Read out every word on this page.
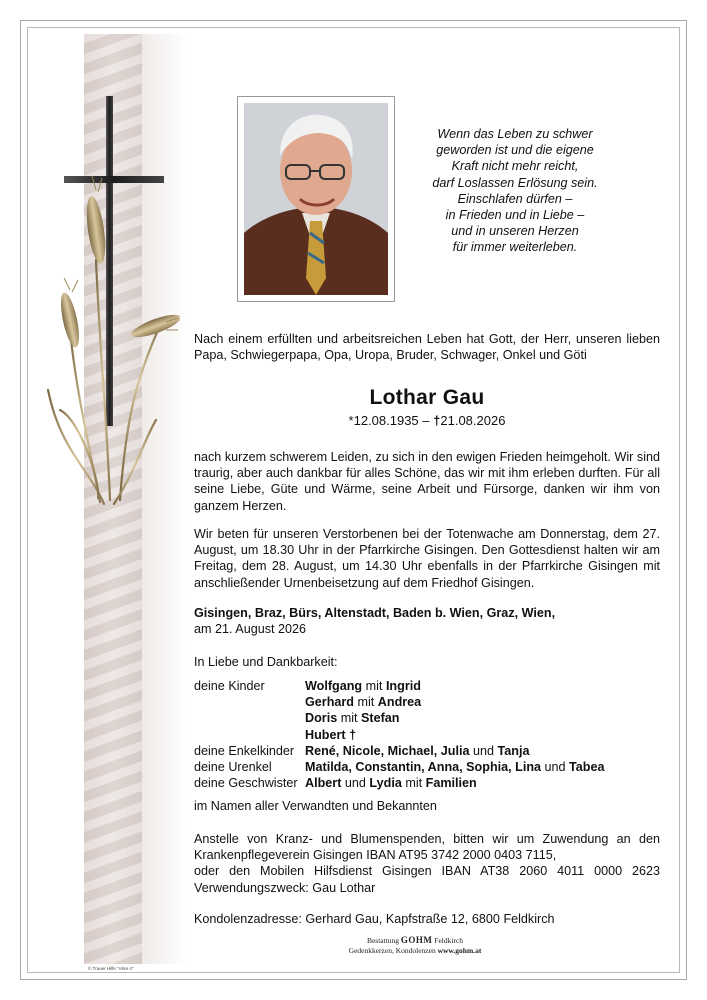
Wenn das Leben zu schwer
geworden ist und die eigene
Kraft nicht mehr reicht,
darf Loslassen Erlösung sein.
Einschlafen dürfen –
in Frieden und in Liebe –
und in unseren Herzen
für immer weiterleben.
Nach einem erfüllten und arbeitsreichen Leben hat Gott, der Herr, unseren lieben Papa, Schwiegerpapa, Opa, Uropa, Bruder, Schwager, Onkel und Göti
Lothar Gau
*12.08.1935 – †21.08.2026
nach kurzem schwerem Leiden, zu sich in den ewigen Frieden heimgeholt. Wir sind traurig, aber auch dankbar für alles Schöne, das wir mit ihm erleben durften. Für all seine Liebe, Güte und Wärme, seine Arbeit und Fürsorge, danken wir ihm von ganzem Herzen.
Wir beten für unseren Verstorbenen bei der Totenwache am Donnerstag, dem 27. August, um 18.30 Uhr in der Pfarrkirche Gisingen. Den Gottesdienst halten wir am Freitag, dem 28. August, um 14.30 Uhr ebenfalls in der Pfarrkirche Gisingen mit anschließender Urnenbeisetzung auf dem Friedhof Gisingen.
Gisingen, Braz, Bürs, Altenstadt, Baden b. Wien, Graz, Wien,
am 21. August 2026
In Liebe und Dankbarkeit:
deine Kinder	Wolfgang mit Ingrid
Gerhard mit Andrea
Doris mit Stefan
Hubert †
deine Enkelkinder René, Nicole, Michael, Julia und Tanja
deine Urenkel	Matilda, Constantin, Anna, Sophia, Lina und Tabea
deine Geschwister Albert und Lydia mit Familien
im Namen aller Verwandten und Bekannten
Anstelle von Kranz- und Blumenspenden, bitten wir um Zuwendung an den
Krankenpflegeverein Gisingen IBAN AT95 3742 2000 0403 7115,
oder den Mobilen Hilfsdienst Gisingen IBAN AT38 2060 4011 0000 2623
Verwendungszweck: Gau Lothar
Kondolenzadresse: Gerhard Gau, Kapfstraße 12, 6800 Feldkirch
Bestattung GOHM Feldkirch
Gedenkkerzen, Kondolenzen www.gohm.at
© Trauer Hilfe "Ahre 4"
